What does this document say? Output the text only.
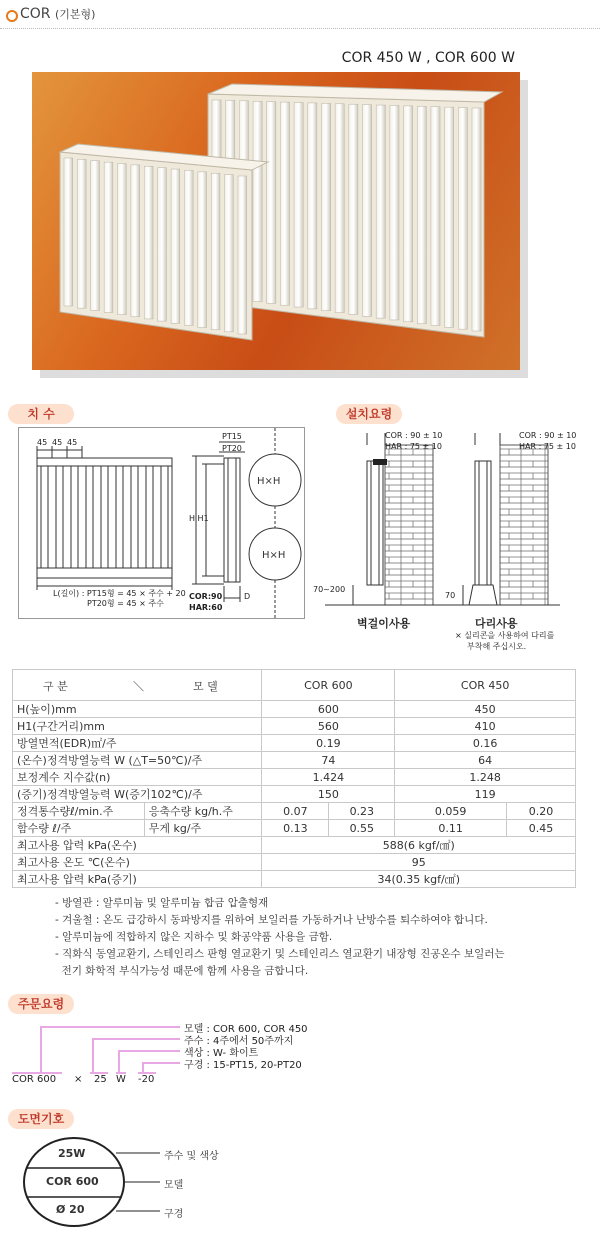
COR (기본형)
COR 450 W , COR 600 W
치 수	설치요령
H×H
H×H
45 45 45
PT15
PT20
H H1
L(길이) : PT15형 = 45 × 주수 + 20
PT20형 = 45 × 주수
COR:90
HAR:60
D
COR : 90 ± 10
HAR : 75 ± 10
70~200
벽걸이사용
COR : 90 ± 10
HAR : 75 ± 10
70
다리사용
× 실리콘을 사용하여 다리를
부착해 주십시오.
구 분 ＼ 모 델		COR 600		COR 450	
H(높이)mm		600		450	
H1(구간거리)mm		560		410	
방열면적(EDR)㎡/주		0.19		0.16	
(온수)정격방열능력 W (△T=50℃)/주		74		64	
보정계수 지수값(n)		1.424		1.248	
(증기)정격방열능력 W(증기102℃)/주		150		119	
정격통수량ℓ/min.주	응축수량 kg/h.주	0.07	0.23	0.059	0.20
함수량 ℓ/주	무게 kg/주	0.13	0.55	0.11	0.45
최고사용 압력 kPa(온수)		588(6 kgf/㎠)			
최고사용 온도 ℃(온수)		95			
최고사용 압력 kPa(증기)		34(0.35 kgf/㎠)			
- 방열관 : 알루미늄 및 알루미늄 합금 압출형재
- 겨울철 : 온도 급강하시 동파방지를 위하여 보일러를 가동하거나 난방수를 퇴수하여야 합니다.
- 알루미늄에 적합하지 않은 지하수 및 화공약품 사용을 금함.
- 직화식 동열교환기, 스테인리스 판형 열교환기 및 스테인리스 열교환기 내장형 진공온수 보일러는
전기 화학적 부식가능성 때문에 함께 사용을 금합니다.
주문요령
모델 : COR 600, COR 450
주수 : 4주에서 50주까지
색상 : W- 화이트
구경 : 15-PT15, 20-PT20
COR 600 × 25 W -20
도면기호
25W
COR 600
Ø 20
주수 및 색상
모델
구경
